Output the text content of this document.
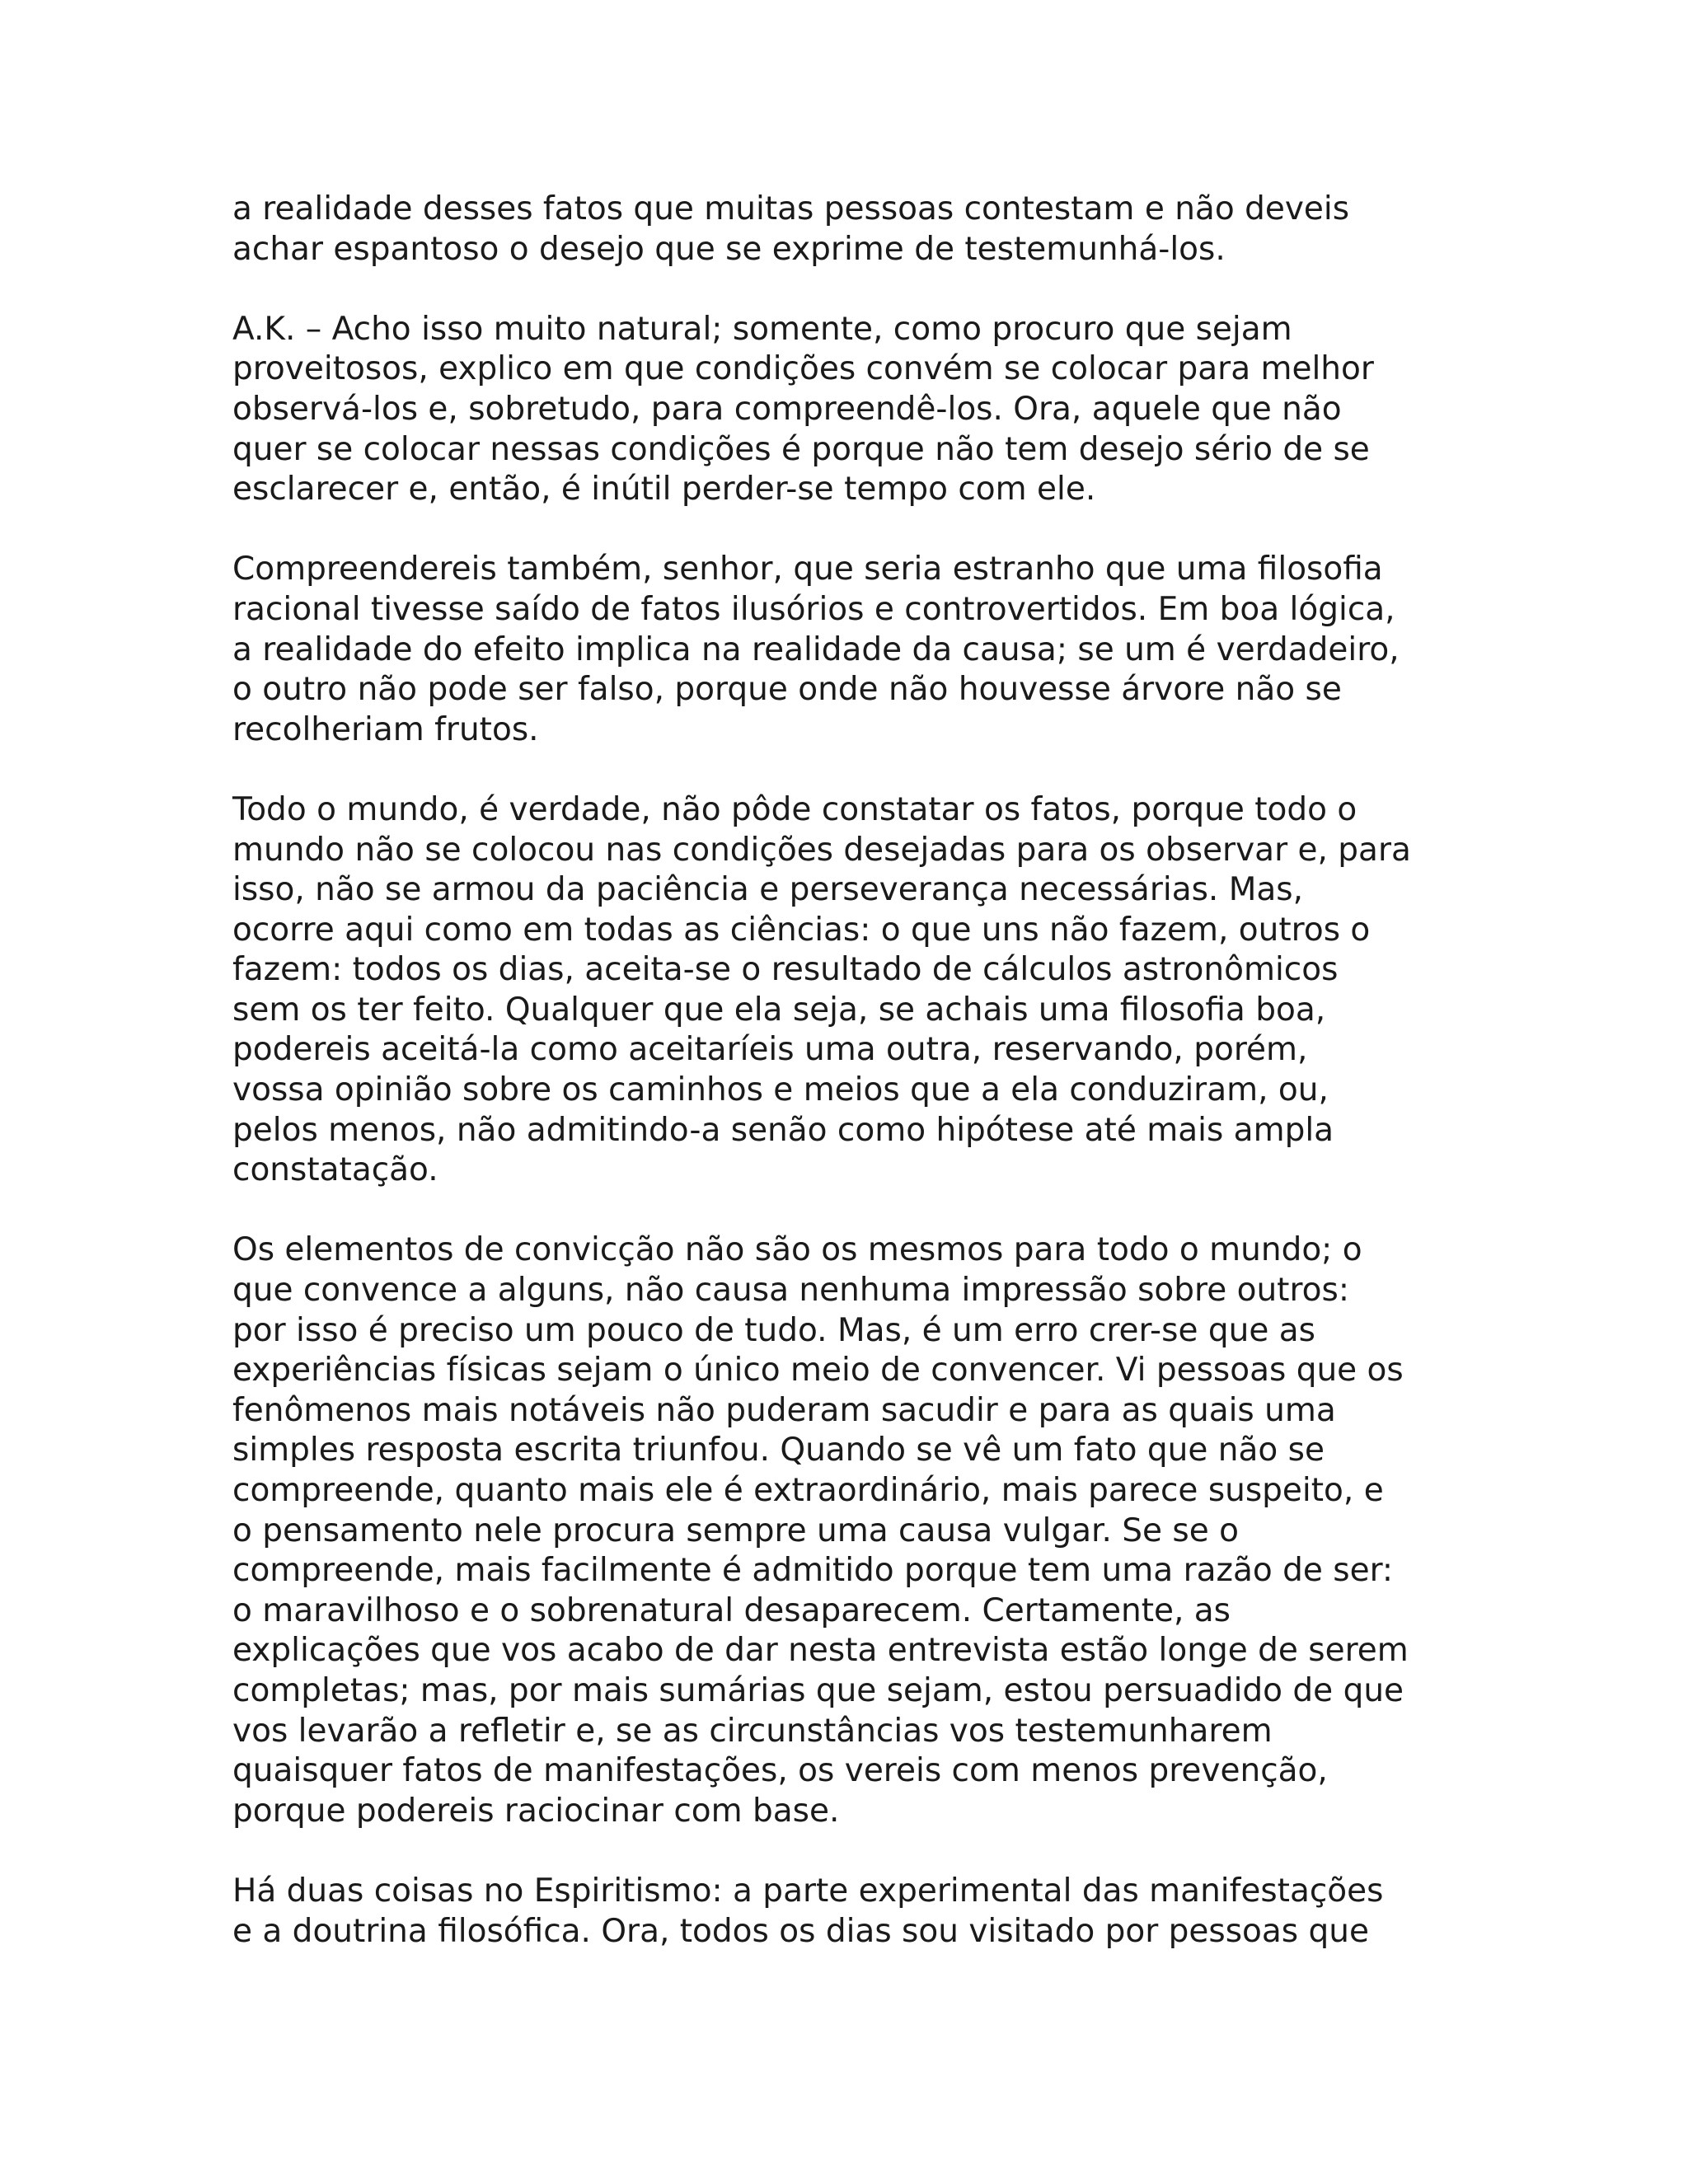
a realidade desses fatos que muitas pessoas contestam e não deveis
achar espantoso o desejo que se exprime de testemunhá-los.

A.K. – Acho isso muito natural; somente, como procuro que sejam
proveitosos, explico em que condições convém se colocar para melhor
observá-los e, sobretudo, para compreendê-los. Ora, aquele que não
quer se colocar nessas condições é porque não tem desejo sério de se
esclarecer e, então, é inútil perder-se tempo com ele.

Compreendereis também, senhor, que seria estranho que uma filosofia
racional tivesse saído de fatos ilusórios e controvertidos. Em boa lógica,
a realidade do efeito implica na realidade da causa; se um é verdadeiro,
o outro não pode ser falso, porque onde não houvesse árvore não se
recolheriam frutos.

Todo o mundo, é verdade, não pôde constatar os fatos, porque todo o
mundo não se colocou nas condições desejadas para os observar e, para
isso, não se armou da paciência e perseverança necessárias. Mas,
ocorre aqui como em todas as ciências: o que uns não fazem, outros o
fazem: todos os dias, aceita-se o resultado de cálculos astronômicos
sem os ter feito. Qualquer que ela seja, se achais uma filosofia boa,
podereis aceitá-la como aceitaríeis uma outra, reservando, porém,
vossa opinião sobre os caminhos e meios que a ela conduziram, ou,
pelos menos, não admitindo-a senão como hipótese até mais ampla
constatação.

Os elementos de convicção não são os mesmos para todo o mundo; o
que convence a alguns, não causa nenhuma impressão sobre outros:
por isso é preciso um pouco de tudo. Mas, é um erro crer-se que as
experiências físicas sejam o único meio de convencer. Vi pessoas que os
fenômenos mais notáveis não puderam sacudir e para as quais uma
simples resposta escrita triunfou. Quando se vê um fato que não se
compreende, quanto mais ele é extraordinário, mais parece suspeito, e
o pensamento nele procura sempre uma causa vulgar. Se se o
compreende, mais facilmente é admitido porque tem uma razão de ser:
o maravilhoso e o sobrenatural desaparecem. Certamente, as
explicações que vos acabo de dar nesta entrevista estão longe de serem
completas; mas, por mais sumárias que sejam, estou persuadido de que
vos levarão a refletir e, se as circunstâncias vos testemunharem
quaisquer fatos de manifestações, os vereis com menos prevenção,
porque podereis raciocinar com base.

Há duas coisas no Espiritismo: a parte experimental das manifestações
e a doutrina filosófica. Ora, todos os dias sou visitado por pessoas que
